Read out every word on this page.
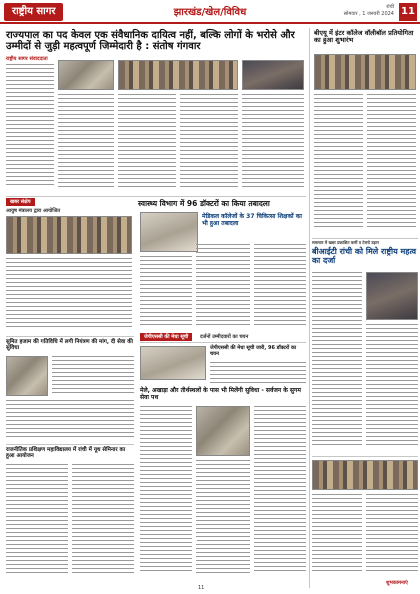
राष्ट्रीय सागर	झारखंड/खेल/विविध	रांची
सोमवार , 1 जनवरी 2024 11
राज्यपाल का पद केवल एक संवैधानिक दायित्व नहीं, बल्कि लोगों के भरोसे और उम्मीदों से जुड़ी महत्वपूर्ण जिम्मेदारी है : संतोष गंगवार
राष्ट्रीय सागर संवाददाता
बीएयू में इंटर कॉलेज वॉलीबॉल प्रतियोगिता का हुआ शुभारंभ
खबर संक्षेप
आयुष मंत्रालय द्वारा आयोजित
स्वास्थ्य विभाग में 96 डॉक्टरों का किया तबादला
मेडिकल कॉलेजों के 37 चिकित्सा शिक्षकों का भी हुआ तबादला
जेपीएससी की मेधा सूची	दर्जनों उम्मीदवारों का चयन
समाचार में खबर प्रकाशित कर्मी व टेक्नो उड़ान
बीआईटी रांची को मिले राष्ट्रीय महत्व का दर्जा
सुमित हजाम की गतिविधि में लगी नियंत्रण की मांग, दी सेवा की सुविधा	जेपीएससी की मेधा सूची जारी, 96 डॉक्टरों का चयन
मेले, अखाड़ा और तीर्थस्थलों के पास भी मिलेंगी सुविधा - सर्वजन के सुगम सेवा पथ
राजनीतिक प्रशिक्षण महाविद्यालय में रांची में यूथ सेमिनार का हुआ आयोजन
शुभकामनाएं
11
